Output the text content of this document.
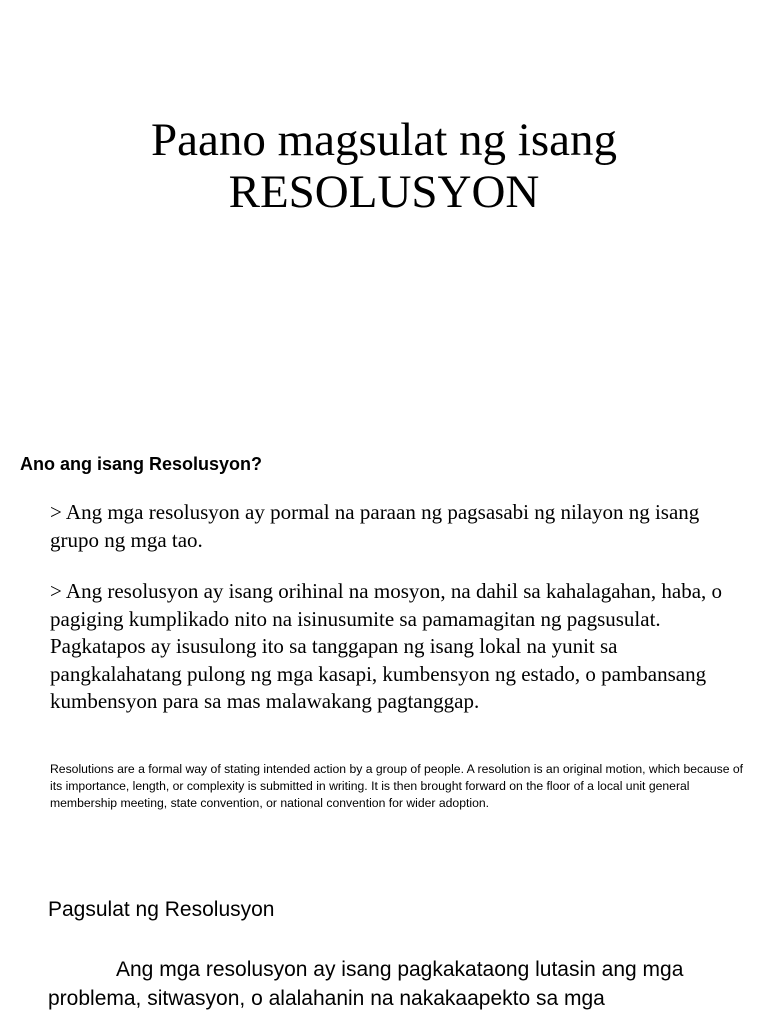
Paano magsulat ng isang
RESOLUSYON
Ano ang isang Resolusyon?

> Ang mga resolusyon ay pormal na paraan ng pagsasabi ng nilayon ng isang grupo ng mga tao.

> Ang resolusyon ay isang orihinal na mosyon, na dahil sa kahalagahan, haba, o pagiging kumplikado nito na isinusumite sa pamamagitan ng pagsusulat. Pagkatapos ay isusulong ito sa tanggapan ng isang lokal na yunit sa pangkalahatang pulong ng mga kasapi, kumbensyon ng estado, o pambansang kumbensyon para sa mas malawakang pagtanggap.

Resolutions are a formal way of stating intended action by a group of people. A resolution is an original motion, which because of its importance, length, or complexity is submitted in writing. It is then brought forward on the floor of a local unit general membership meeting, state convention, or national convention for wider adoption.

Pagsulat ng Resolusyon

Ang mga resolusyon ay isang pagkakataong lutasin ang mga
problema, sitwasyon, o alalahanin na nakakaapekto sa mga
